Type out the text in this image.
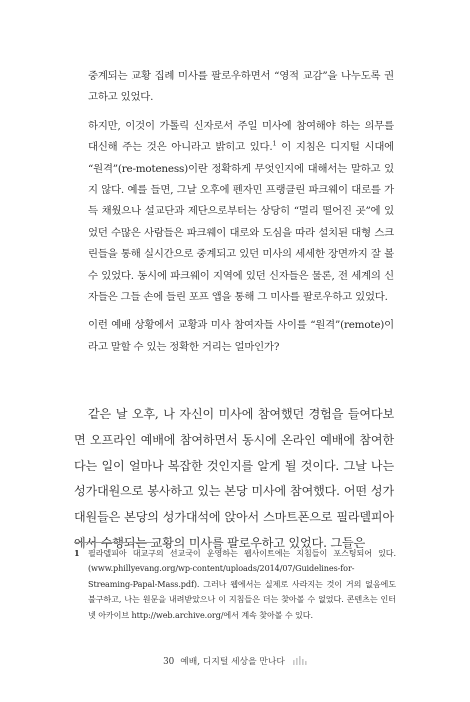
중계되는 교황 집례 미사를 팔로우하면서 “영적 교감”을 나누도록 권고하고 있었다.

하지만, 이것이 가톨릭 신자로서 주일 미사에 참여해야 하는 의무를 대신해 주는 것은 아니라고 밝히고 있다.$^1$ 이 지침은 디지털 시대에 “원격”(re-moteness)이란 정확하게 무엇인지에 대해서는 말하고 있지 않다. 예를 들면, 그날 오후에 펜자민 프랭클린 파크웨이 대로를 가득 채웠으나 설교단과 제단으로부터는 상당히 “멀리 떨어진 곳”에 있었던 수많은 사람들은 파크웨이 대로와 도심을 따라 설치된 대형 스크린들을 통해 실시간으로 중계되고 있던 미사의 세세한 장면까지 잘 볼 수 있었다. 동시에 파크웨이 지역에 있던 신자들은 물론, 전 세계의 신자들은 그들 손에 들린 포프 앱을 통해 그 미사를 팔로우하고 있었다.

이런 예배 상황에서 교황과 미사 참여자들 사이를 “원격”(remote)이라고 말할 수 있는 정확한 거리는 얼마인가?

같은 날 오후, 나 자신이 미사에 참여했던 경험을 들여다보면 오프라인 예배에 참여하면서 동시에 온라인 예배에 참여한다는 일이 얼마나 복잡한 것인지를 알게 될 것이다. 그날 나는 성가대원으로 봉사하고 있는 본당 미사에 참여했다. 어떤 성가대원들은 본당의 성가대석에 앉아서 스마트폰으로 필라델피아에서 수행되는 교황의 미사를 팔로우하고 있었다. 그들은

1 필라델피아 대교구의 선교국이 운영하는 웹사이트에는 지침들이 포스팅되어 있다. (www.phillyevang.org/wp-content/uploads/2014/07/Guidelines-for-Streaming-Papal-Mass.pdf). 그러나 웹에서는 실제로 사라지는 것이 거의 없음에도 불구하고, 나는 원문을 내려받았으나 이 지침들은 더는 찾아볼 수 없었다. 콘텐츠는 인터넷 아카이브 http://web.archive.org/에서 계속 찾아볼 수 있다.
30 예배, 디지털 세상을 만나다
